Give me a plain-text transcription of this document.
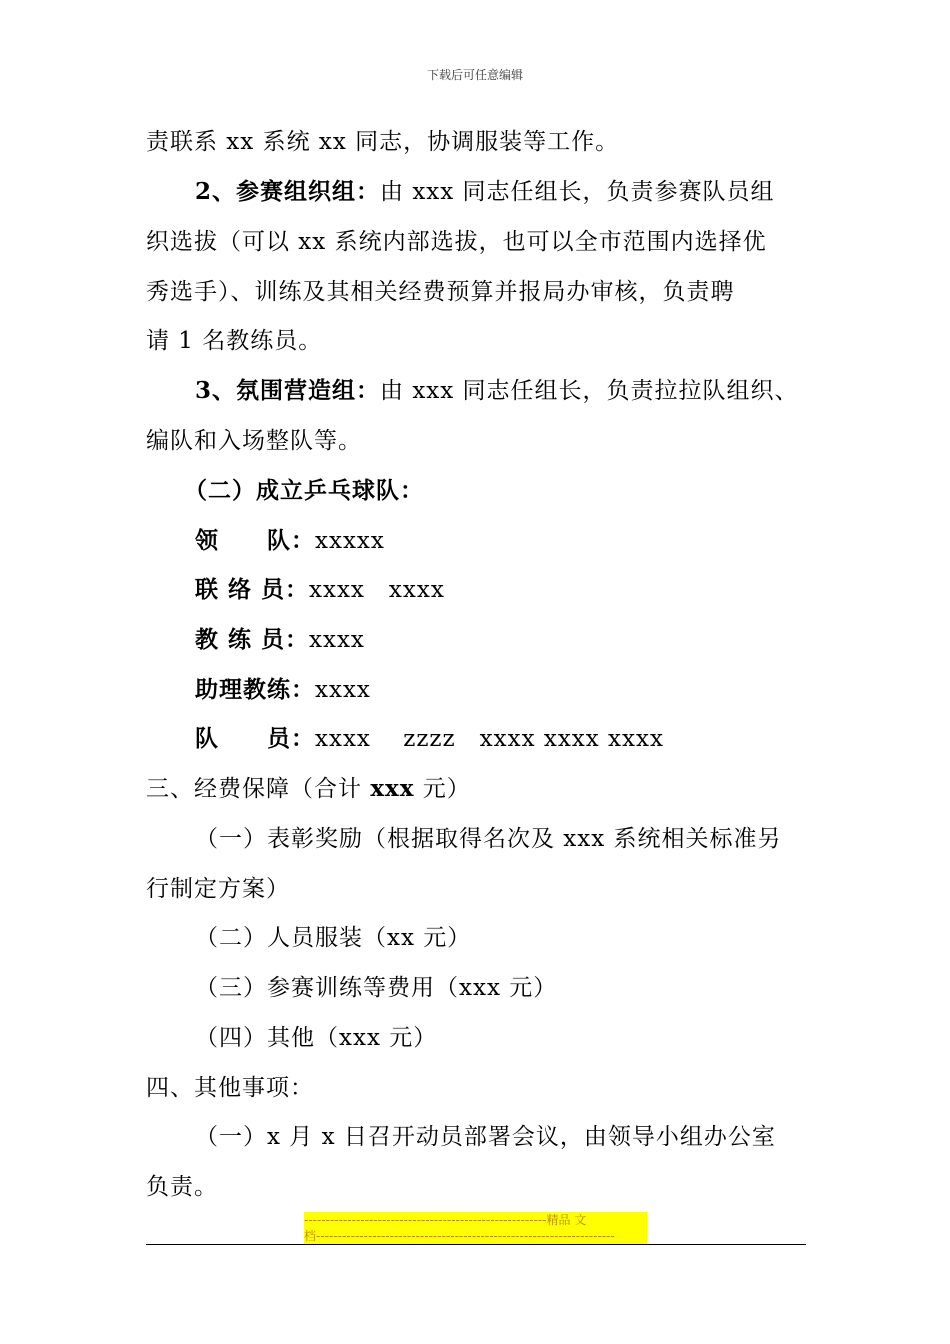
下载后可任意编辑
责联系 xx 系统 xx 同志，协调服装等工作。
2、参赛组织组：由 xxx 同志任组长，负责参赛队员组
织选拔（可以 xx 系统内部选拔，也可以全市范围内选择优
秀选手）、训练及其相关经费预算并报局办审核，负责聘
请 1 名教练员。
3、氛围营造组：由 xxx 同志任组长，负责拉拉队组织、
编队和入场整队等。
（二）成立乒乓球队：
领　　队：xxxxx
联 络 员：xxxx　xxxx
教 练 员：xxxx
助理教练：xxxx
队　　员：xxxx　 zzzz　xxxx xxxx xxxx
三、经费保障（合计 xxx 元）
（一）表彰奖励（根据取得名次及 xxx 系统相关标准另
行制定方案）
（二）人员服装（xx 元）
（三）参赛训练等费用（xxx 元）
（四）其他（xxx 元）
四、其他事项：
（一）x 月 x 日召开动员部署会议，由领导小组办公室
负责。
--------------------------------------------------------精品 文
档---------------------------------------------------------------------
